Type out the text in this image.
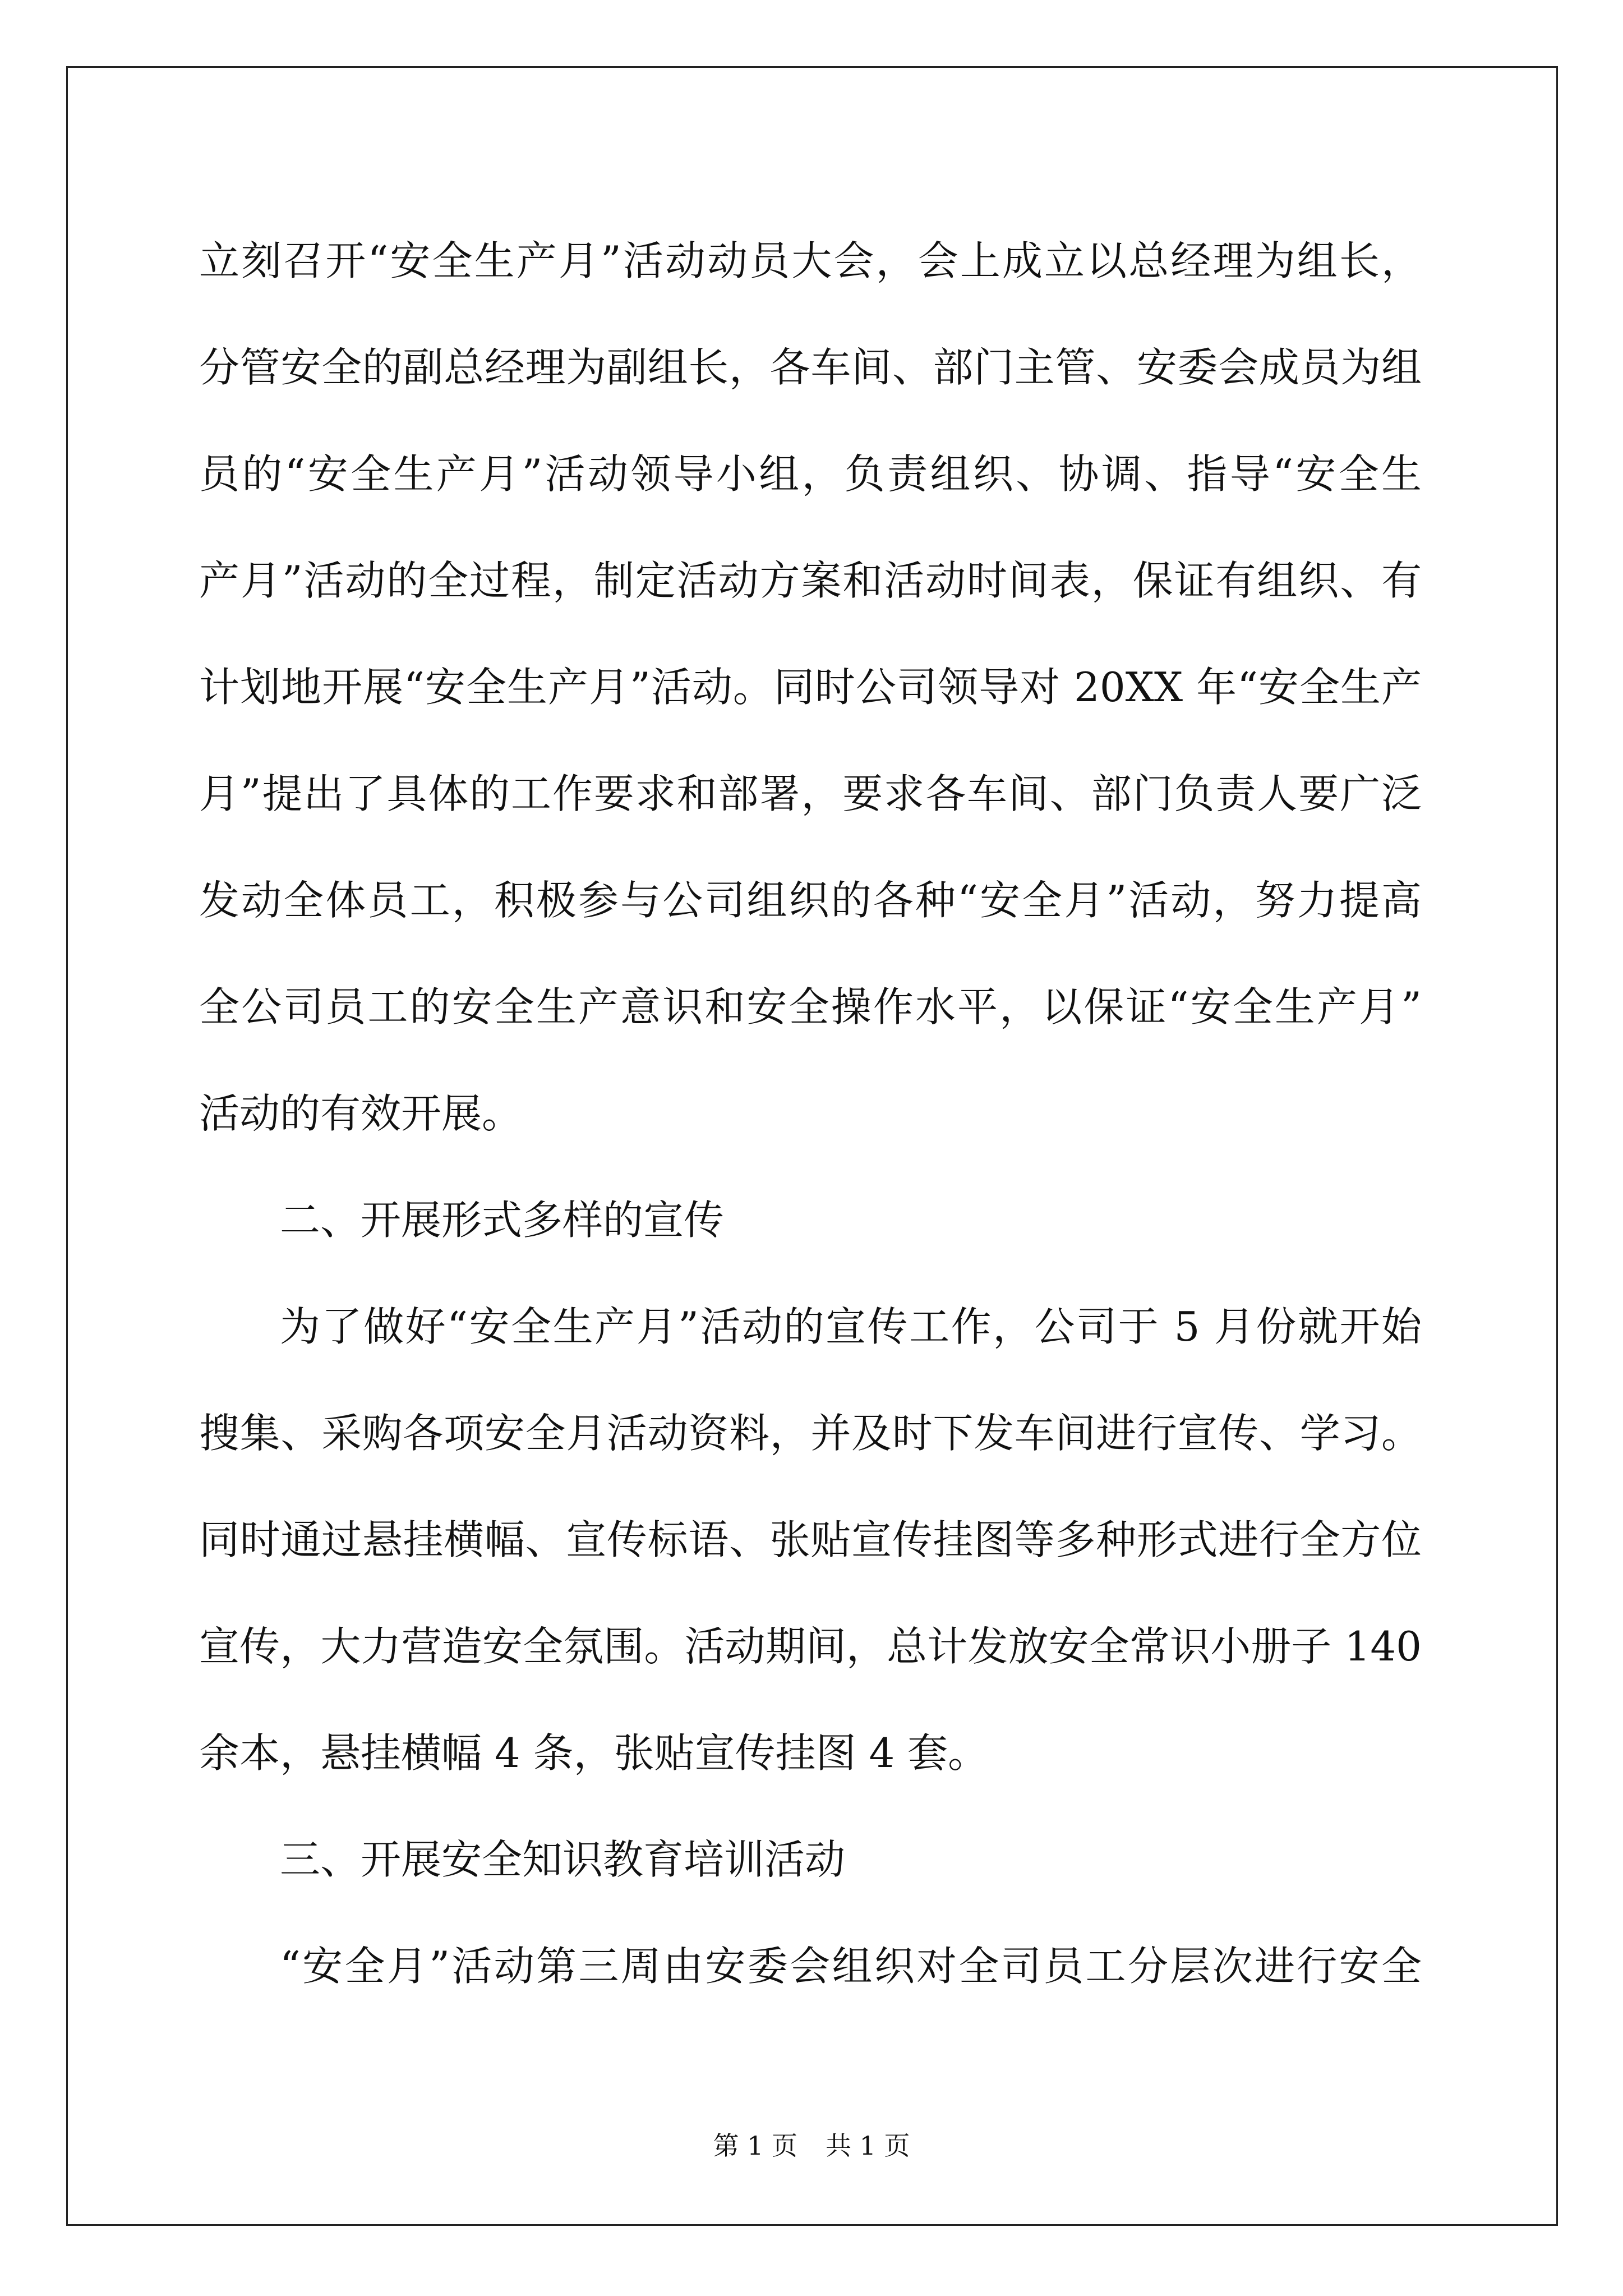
立刻召开“安全生产月”活动动员大会，会上成立以总经理为组长，
分管安全的副总经理为副组长，各车间、部门主管、安委会成员为组
员的“安全生产月”活动领导小组，负责组织、协调、指导“安全生
产月”活动的全过程，制定活动方案和活动时间表，保证有组织、有
计划地开展“安全生产月”活动。同时公司领导对 20XX 年“安全生产
月”提出了具体的工作要求和部署，要求各车间、部门负责人要广泛
发动全体员工，积极参与公司组织的各种“安全月”活动，努力提高
全公司员工的安全生产意识和安全操作水平，以保证“安全生产月”
活动的有效开展。
二、开展形式多样的宣传
为了做好“安全生产月”活动的宣传工作，公司于 5 月份就开始
搜集、采购各项安全月活动资料，并及时下发车间进行宣传、学习。
同时通过悬挂横幅、宣传标语、张贴宣传挂图等多种形式进行全方位
宣传，大力营造安全氛围。活动期间，总计发放安全常识小册子 140
余本，悬挂横幅 4 条，张贴宣传挂图 4 套。
三、开展安全知识教育培训活动
“安全月”活动第三周由安委会组织对全司员工分层次进行安全
第 1 页 共 1 页
